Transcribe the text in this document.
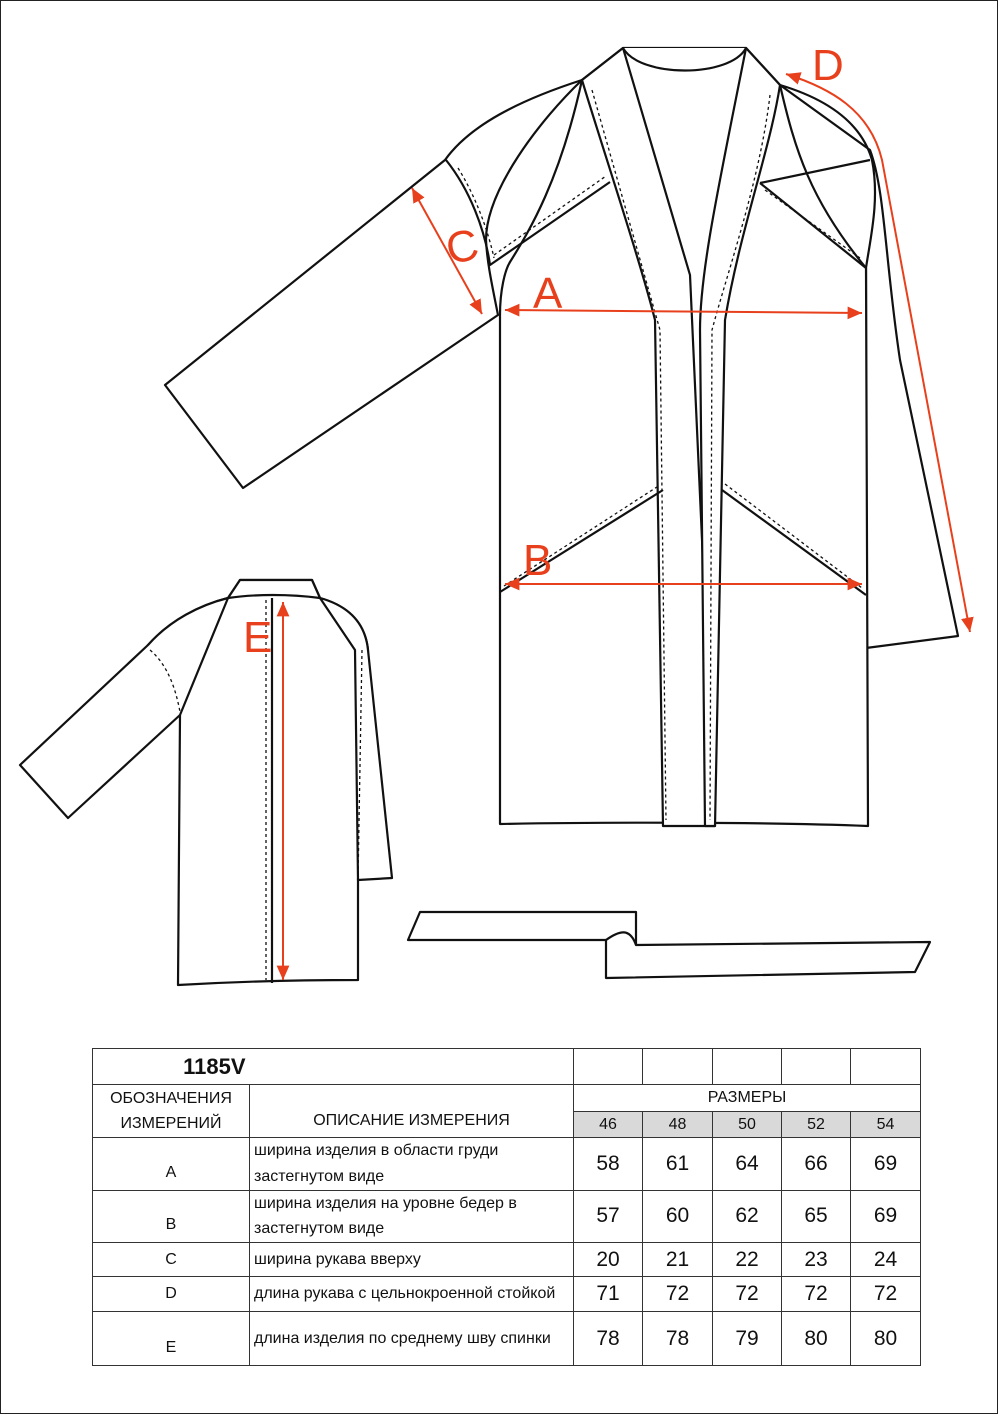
A
B
C
D
E
1185V						
ОБОЗНАЧЕНИЯ ИЗМЕРЕНИЙ	ОПИСАНИЕ ИЗМЕРЕНИЯ	РАЗМЕРЫ				
		46	48	50	52	54
A	ширина изделия в области груди застегнутом виде	58	61	64	66	69
B	ширина изделия на уровне бедер в застегнутом виде	57	60	62	65	69
C	ширина рукава вверху	20	21	22	23	24
D	длина рукава с цельнокроенной стойкой	71	72	72	72	72
E	длина изделия по среднему шву спинки	78	78	79	80	80
